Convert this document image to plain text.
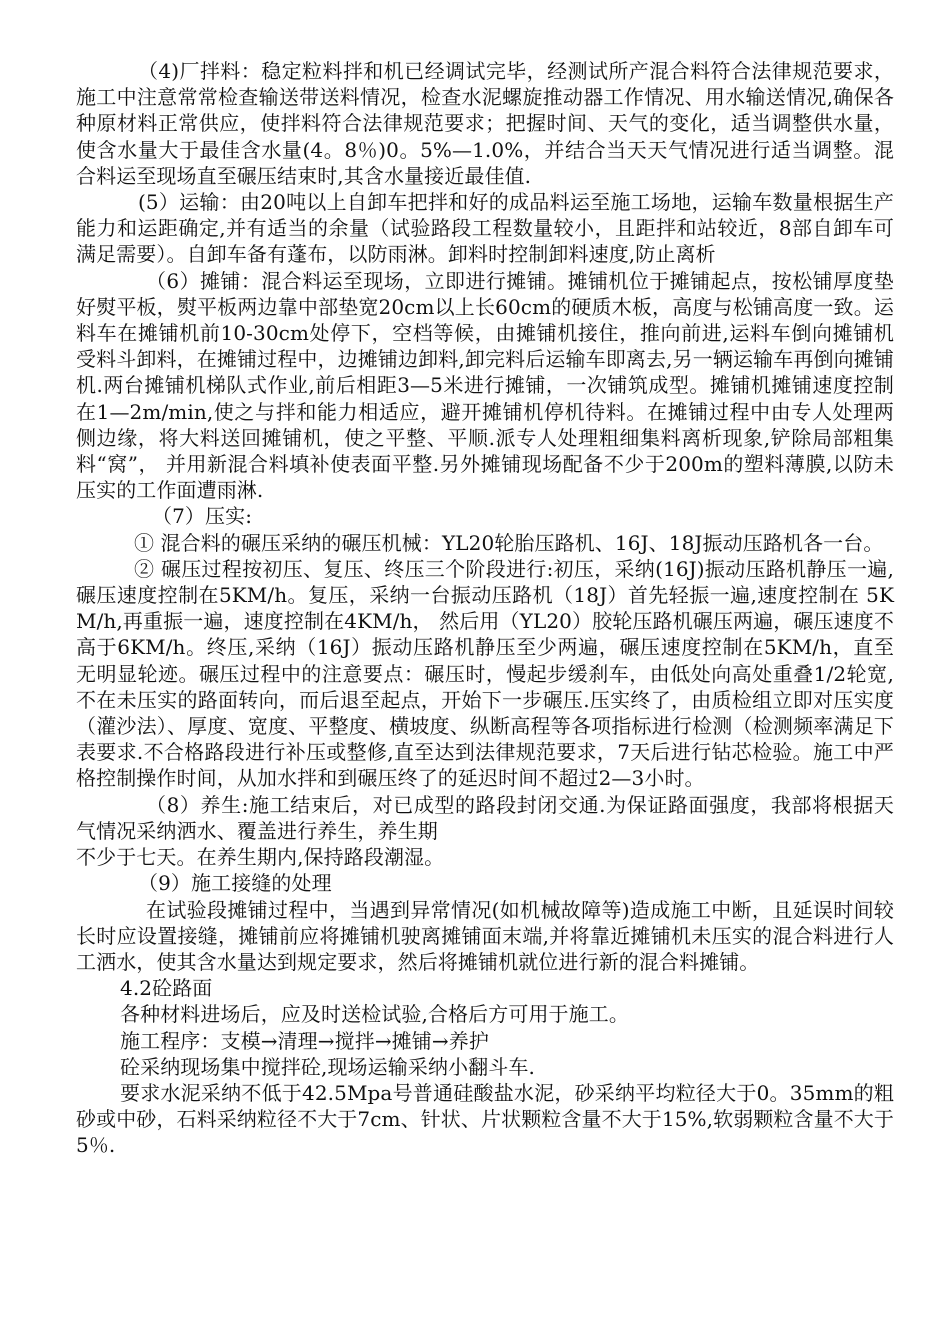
（4)厂拌料：稳定粒料拌和机已经调试完毕，经测试所产混合料符合法律规范要求，施工中注意常常检查输送带送料情况，检查水泥螺旋推动器工作情况、用水输送情况,确保各种原材料正常供应，使拌料符合法律规范要求；把握时间、天气的变化，适当调整供水量，使含水量大于最佳含水量(4。8％)0。5%—1.0%，并结合当天天气情况进行适当调整。混合料运至现场直至碾压结束时,其含水量接近最佳值.

(5）运输：由20吨以上自卸车把拌和好的成品料运至施工场地，运输车数量根据生产能力和运距确定,并有适当的余量（试验路段工程数量较小，且距拌和站较近，8部自卸车可满足需要）。自卸车备有蓬布，以防雨淋。卸料时控制卸料速度,防止离析

（6）摊铺：混合料运至现场，立即进行摊铺。摊铺机位于摊铺起点，按松铺厚度垫好熨平板，熨平板两边靠中部垫宽20cm以上长60cm的硬质木板，高度与松铺高度一致。运料车在摊铺机前10-30cm处停下，空档等候，由摊铺机接住，推向前进,运料车倒向摊铺机受料斗卸料，在摊铺过程中，边摊铺边卸料,卸完料后运输车即离去,另一辆运输车再倒向摊铺机.两台摊铺机梯队式作业,前后相距3—5米进行摊铺，一次铺筑成型。摊铺机摊铺速度控制在1—2m/min,使之与拌和能力相适应，避开摊铺机停机待料。在摊铺过程中由专人处理两侧边缘，将大料送回摊铺机，使之平整、平顺.派专人处理粗细集料离析现象,铲除局部粗集料“窝”， 并用新混合料填补使表面平整.另外摊铺现场配备不少于200m的塑料薄膜,以防未压实的工作面遭雨淋.

（7）压实:

① 混合料的碾压采纳的碾压机械：YL20轮胎压路机、16J、18J振动压路机各一台。

② 碾压过程按初压、复压、终压三个阶段进行:初压，采纳(16J)振动压路机静压一遍,碾压速度控制在5KM/h。复压，采纳一台振动压路机（18J）首先轻振一遍,速度控制在 5KM/h,再重振一遍，速度控制在4KM/h， 然后用（YL20）胶轮压路机碾压两遍，碾压速度不高于6KM/h。终压,采纳（16J）振动压路机静压至少两遍，碾压速度控制在5KM/h，直至无明显轮迹。碾压过程中的注意要点：碾压时，慢起步缓刹车，由低处向高处重叠1/2轮宽,不在未压实的路面转向，而后退至起点，开始下一步碾压.压实终了，由质检组立即对压实度（灌沙法）、厚度、宽度、平整度、横坡度、纵断高程等各项指标进行检测（检测频率满足下表要求.不合格路段进行补压或整修,直至达到法律规范要求，7天后进行钻芯检验。施工中严格控制操作时间，从加水拌和到碾压终了的延迟时间不超过2—3小时。

（8）养生:施工结束后，对已成型的路段封闭交通.为保证路面强度，我部将根据天气情况采纳洒水、覆盖进行养生，养生期

不少于七天。在养生期内,保持路段潮湿。

（9）施工接缝的处理

在试验段摊铺过程中，当遇到异常情况(如机械故障等)造成施工中断，且延误时间较长时应设置接缝，摊铺前应将摊铺机驶离摊铺面末端,并将靠近摊铺机未压实的混合料进行人工洒水，使其含水量达到规定要求，然后将摊铺机就位进行新的混合料摊铺。

4.2砼路面

各种材料进场后，应及时送检试验,合格后方可用于施工。

施工程序：支模→清理→搅拌→摊铺→养护

砼采纳现场集中搅拌砼,现场运输采纳小翻斗车.

要求水泥采纳不低于42.5Mpa号普通硅酸盐水泥，砂采纳平均粒径大于0。35mm的粗砂或中砂，石料采纳粒径不大于7cm、针状、片状颗粒含量不大于15%,软弱颗粒含量不大于5％.
